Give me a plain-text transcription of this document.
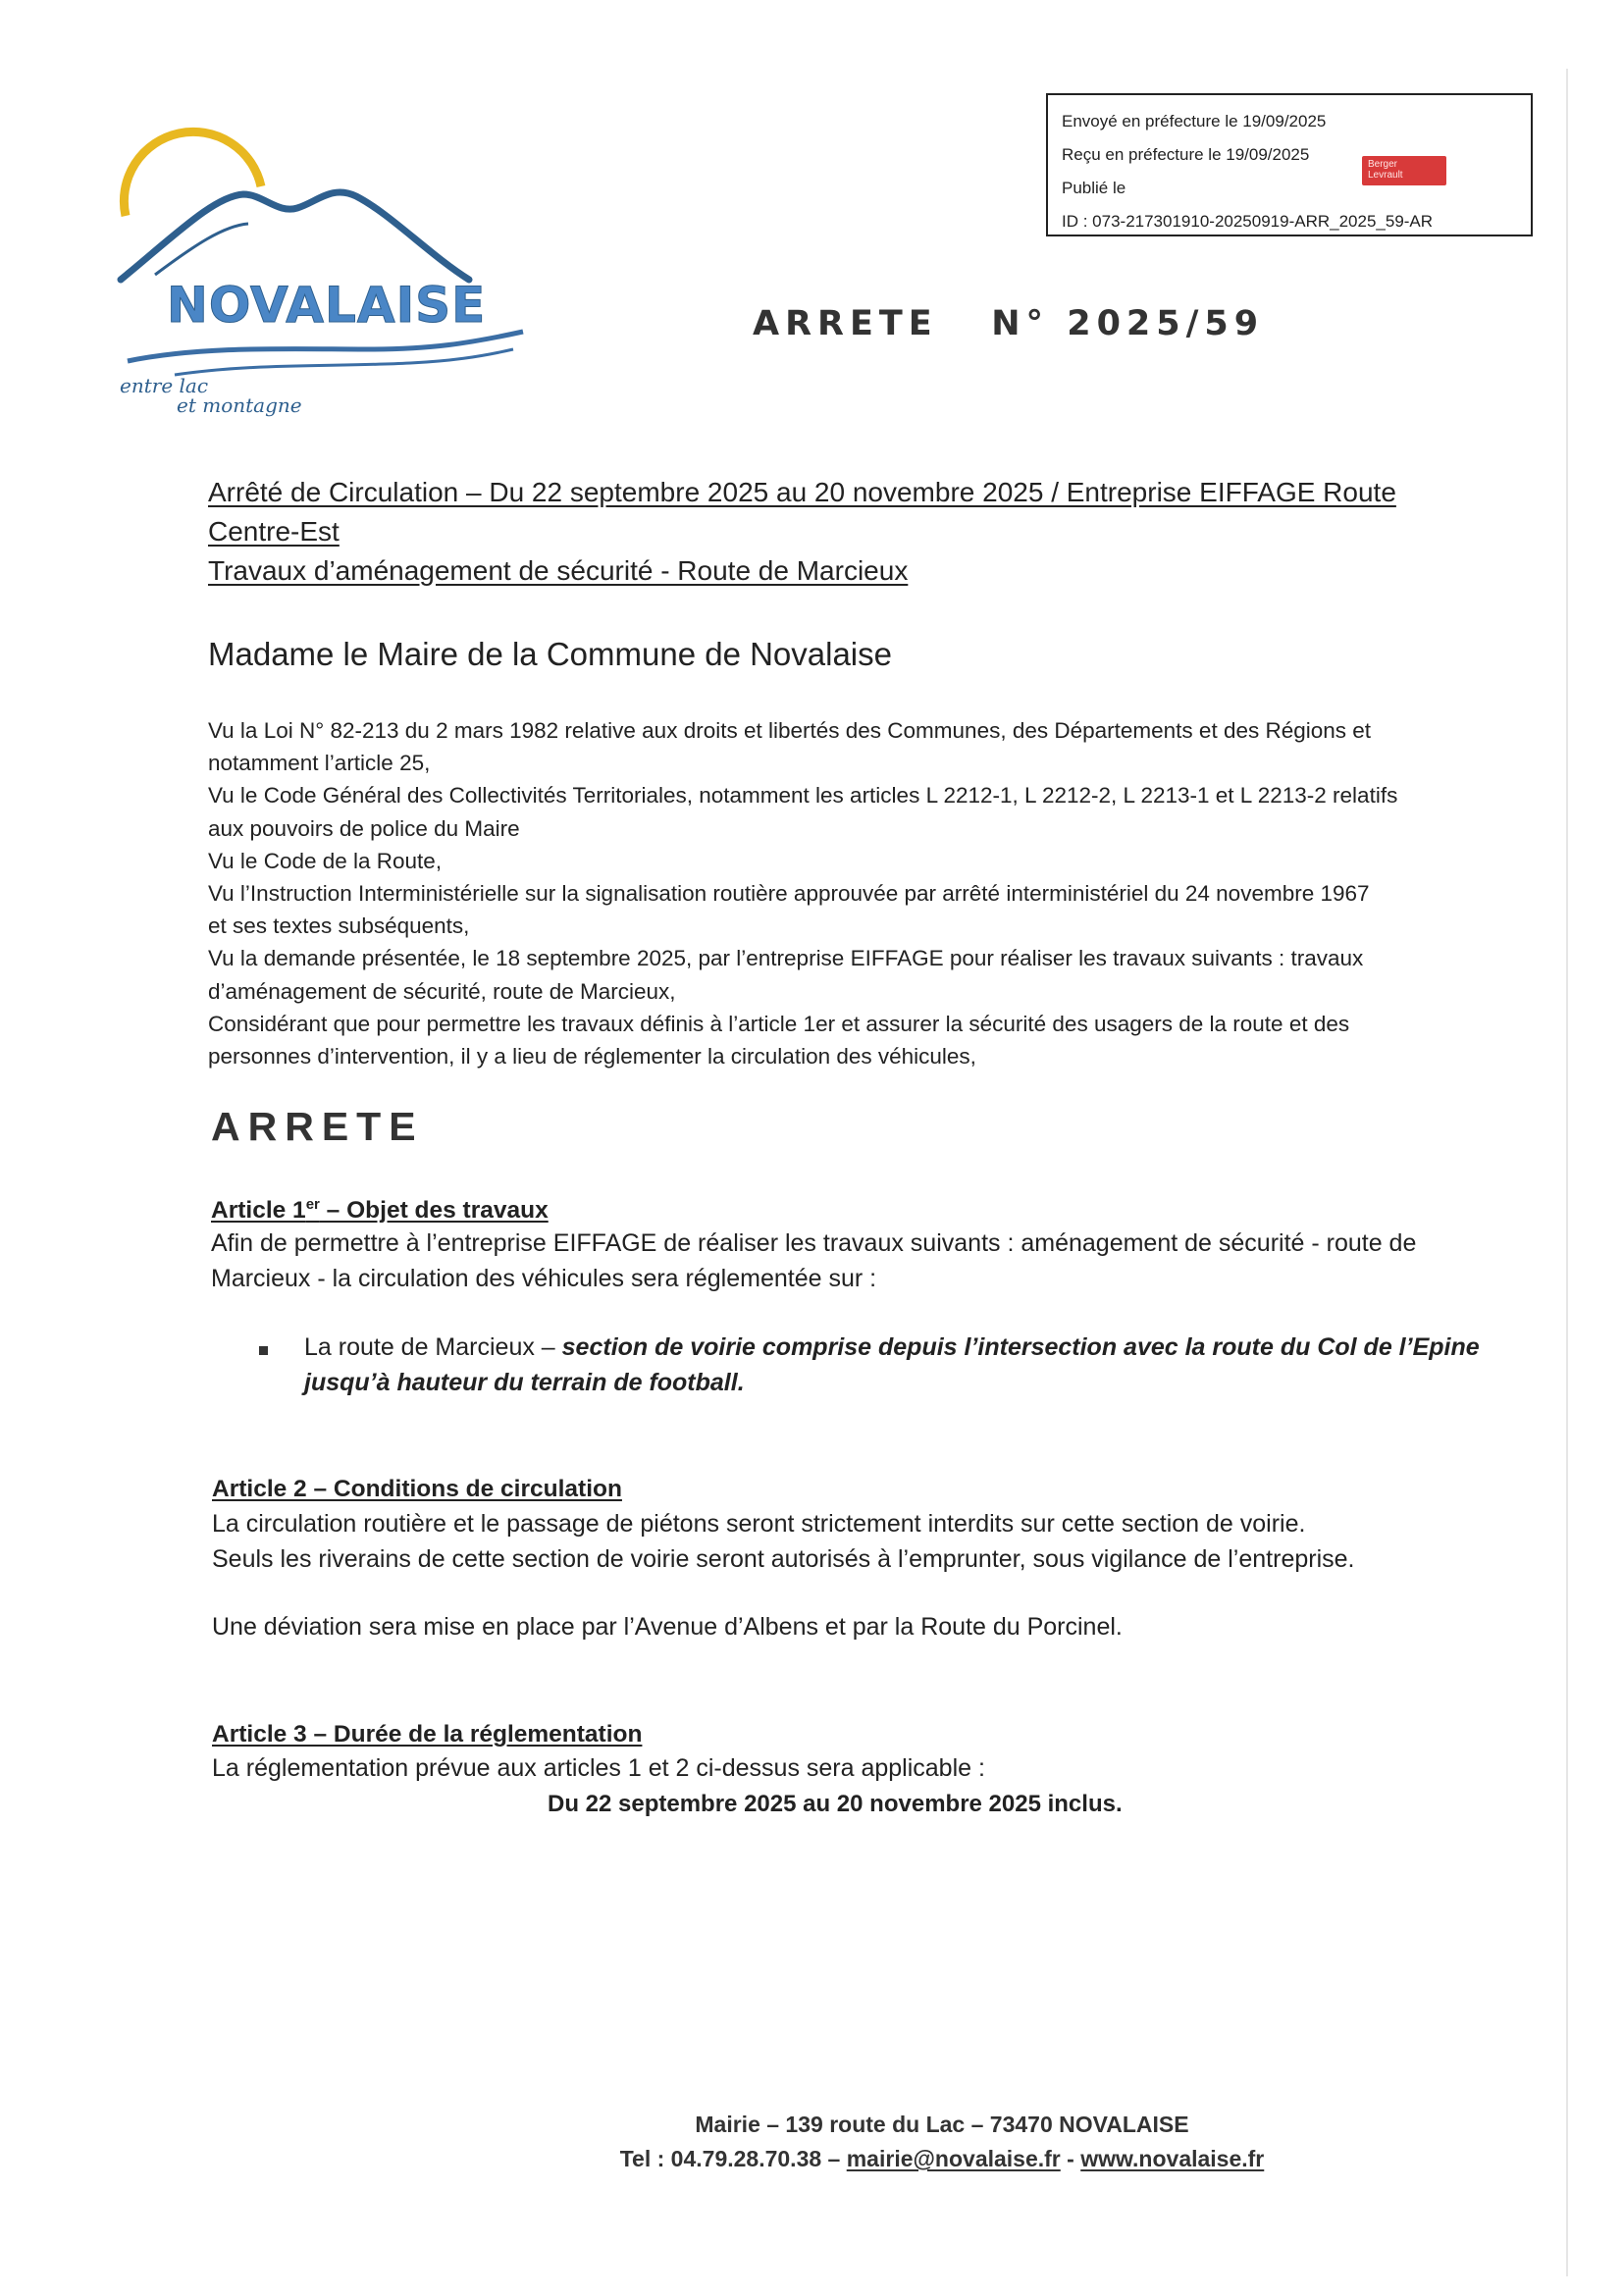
Envoyé en préfecture le 19/09/2025
Reçu en préfecture le 19/09/2025
Publié le
ID : 073-217301910-20250919-ARR_2025_59-AR
Berger
Levrault
NOVALAISE
entre lac
et montagne
ARRETE   N° 2025/59
Arrêté de Circulation – Du 22 septembre 2025 au 20 novembre 2025 / Entreprise EIFFAGE Route
Centre-Est
Travaux d’aménagement de sécurité - Route de Marcieux
Madame le Maire de la Commune de Novalaise
Vu la Loi N° 82-213 du 2 mars 1982 relative aux droits et libertés des Communes, des Départements et des Régions et
notamment l’article 25,
Vu le Code Général des Collectivités Territoriales, notamment les articles L 2212-1, L 2212-2, L 2213-1 et L 2213-2 relatifs
aux pouvoirs de police du Maire
Vu le Code de la Route,
Vu l’Instruction Interministérielle sur la signalisation routière approuvée par arrêté interministériel du 24 novembre 1967
et ses textes subséquents,
Vu la demande présentée, le 18 septembre 2025, par l’entreprise EIFFAGE pour réaliser les travaux suivants : travaux
d’aménagement de sécurité, route de Marcieux,
Considérant que pour permettre les travaux définis à l’article 1er et assurer la sécurité des usagers de la route et des
personnes d’intervention, il y a lieu de réglementer la circulation des véhicules,
ARRETE
Article 1er – Objet des travaux
Afin de permettre à l’entreprise EIFFAGE de réaliser les travaux suivants : aménagement de sécurité - route de
Marcieux - la circulation des véhicules sera réglementée sur :
La route de Marcieux – section de voirie comprise depuis l’intersection avec la route du Col de l’Epine
jusqu’à hauteur du terrain de football.
Article 2 – Conditions de circulation
La circulation routière et le passage de piétons seront strictement interdits sur cette section de voirie.
Seuls les riverains de cette section de voirie seront autorisés à l’emprunter, sous vigilance de l’entreprise.
Une déviation sera mise en place par l’Avenue d’Albens et par la Route du Porcinel.
Article 3 – Durée de la réglementation
La réglementation prévue aux articles 1 et 2 ci-dessus sera applicable :
Du 22 septembre 2025 au 20 novembre 2025 inclus.
Mairie – 139 route du Lac – 73470 NOVALAISE
Tel : 04.79.28.70.38 – mairie@novalaise.fr - www.novalaise.fr
